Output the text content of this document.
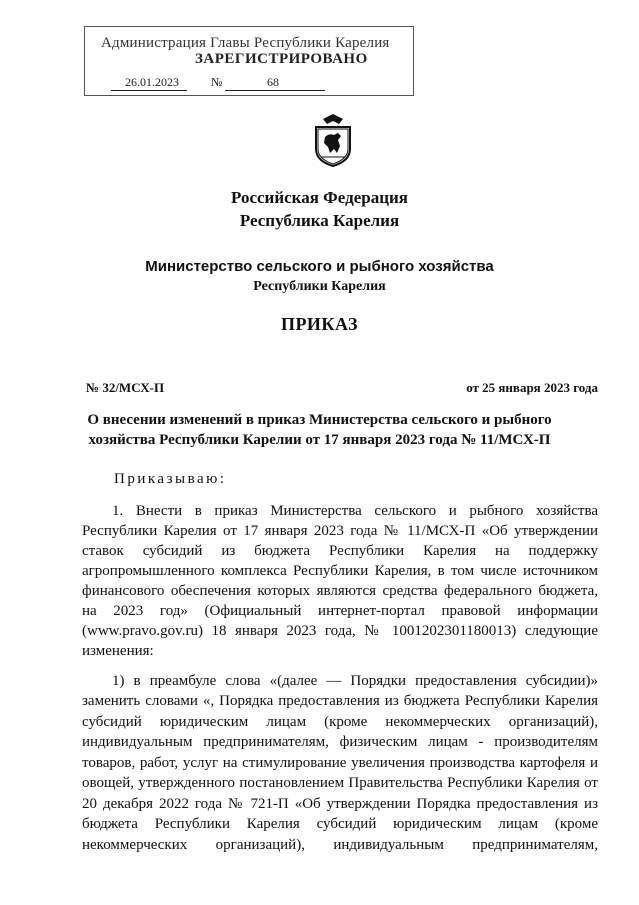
Администрация Главы Республики Карелия
ЗАРЕГИСТРИРОВАНО
26.01.2023	№	68
Российская Федерация
Республика Карелия
Министерство сельского и рыбного хозяйства
Республики Карелия
ПРИКАЗ
№ 32/МСХ-П	от 25 января 2023 года
О внесении изменений в приказ Министерства сельского и рыбного
хозяйства Республики Карелии от 17 января 2023 года № 11/МСХ-П
Приказываю:
1. Внести в приказ Министерства сельского и рыбного хозяйства
Республики Карелия от 17 января 2023 года № 11/МСХ-П «Об утверждении
ставок субсидий из бюджета Республики Карелия на поддержку
агропромышленного комплекса Республики Карелия, в том числе источником
финансового обеспечения которых являются средства федерального бюджета,
на 2023 год» (Официальный интернет-портал правовой информации
(www.pravo.gov.ru) 18 января 2023 года, № 1001202301180013) следующие
изменения:
1) в преамбуле слова «(далее — Порядки предоставления субсидии)»
заменить словами «, Порядка предоставления из бюджета Республики Карелия
субсидий юридическим лицам (кроме некоммерческих организаций),
индивидуальным предпринимателям, физическим лицам - производителям
товаров, работ, услуг на стимулирование увеличения производства картофеля и
овощей, утвержденного постановлением Правительства Республики Карелия от
20 декабря 2022 года № 721-П «Об утверждении Порядка предоставления из
бюджета Республики Карелия субсидий юридическим лицам (кроме
некоммерческих организаций), индивидуальным предпринимателям,
